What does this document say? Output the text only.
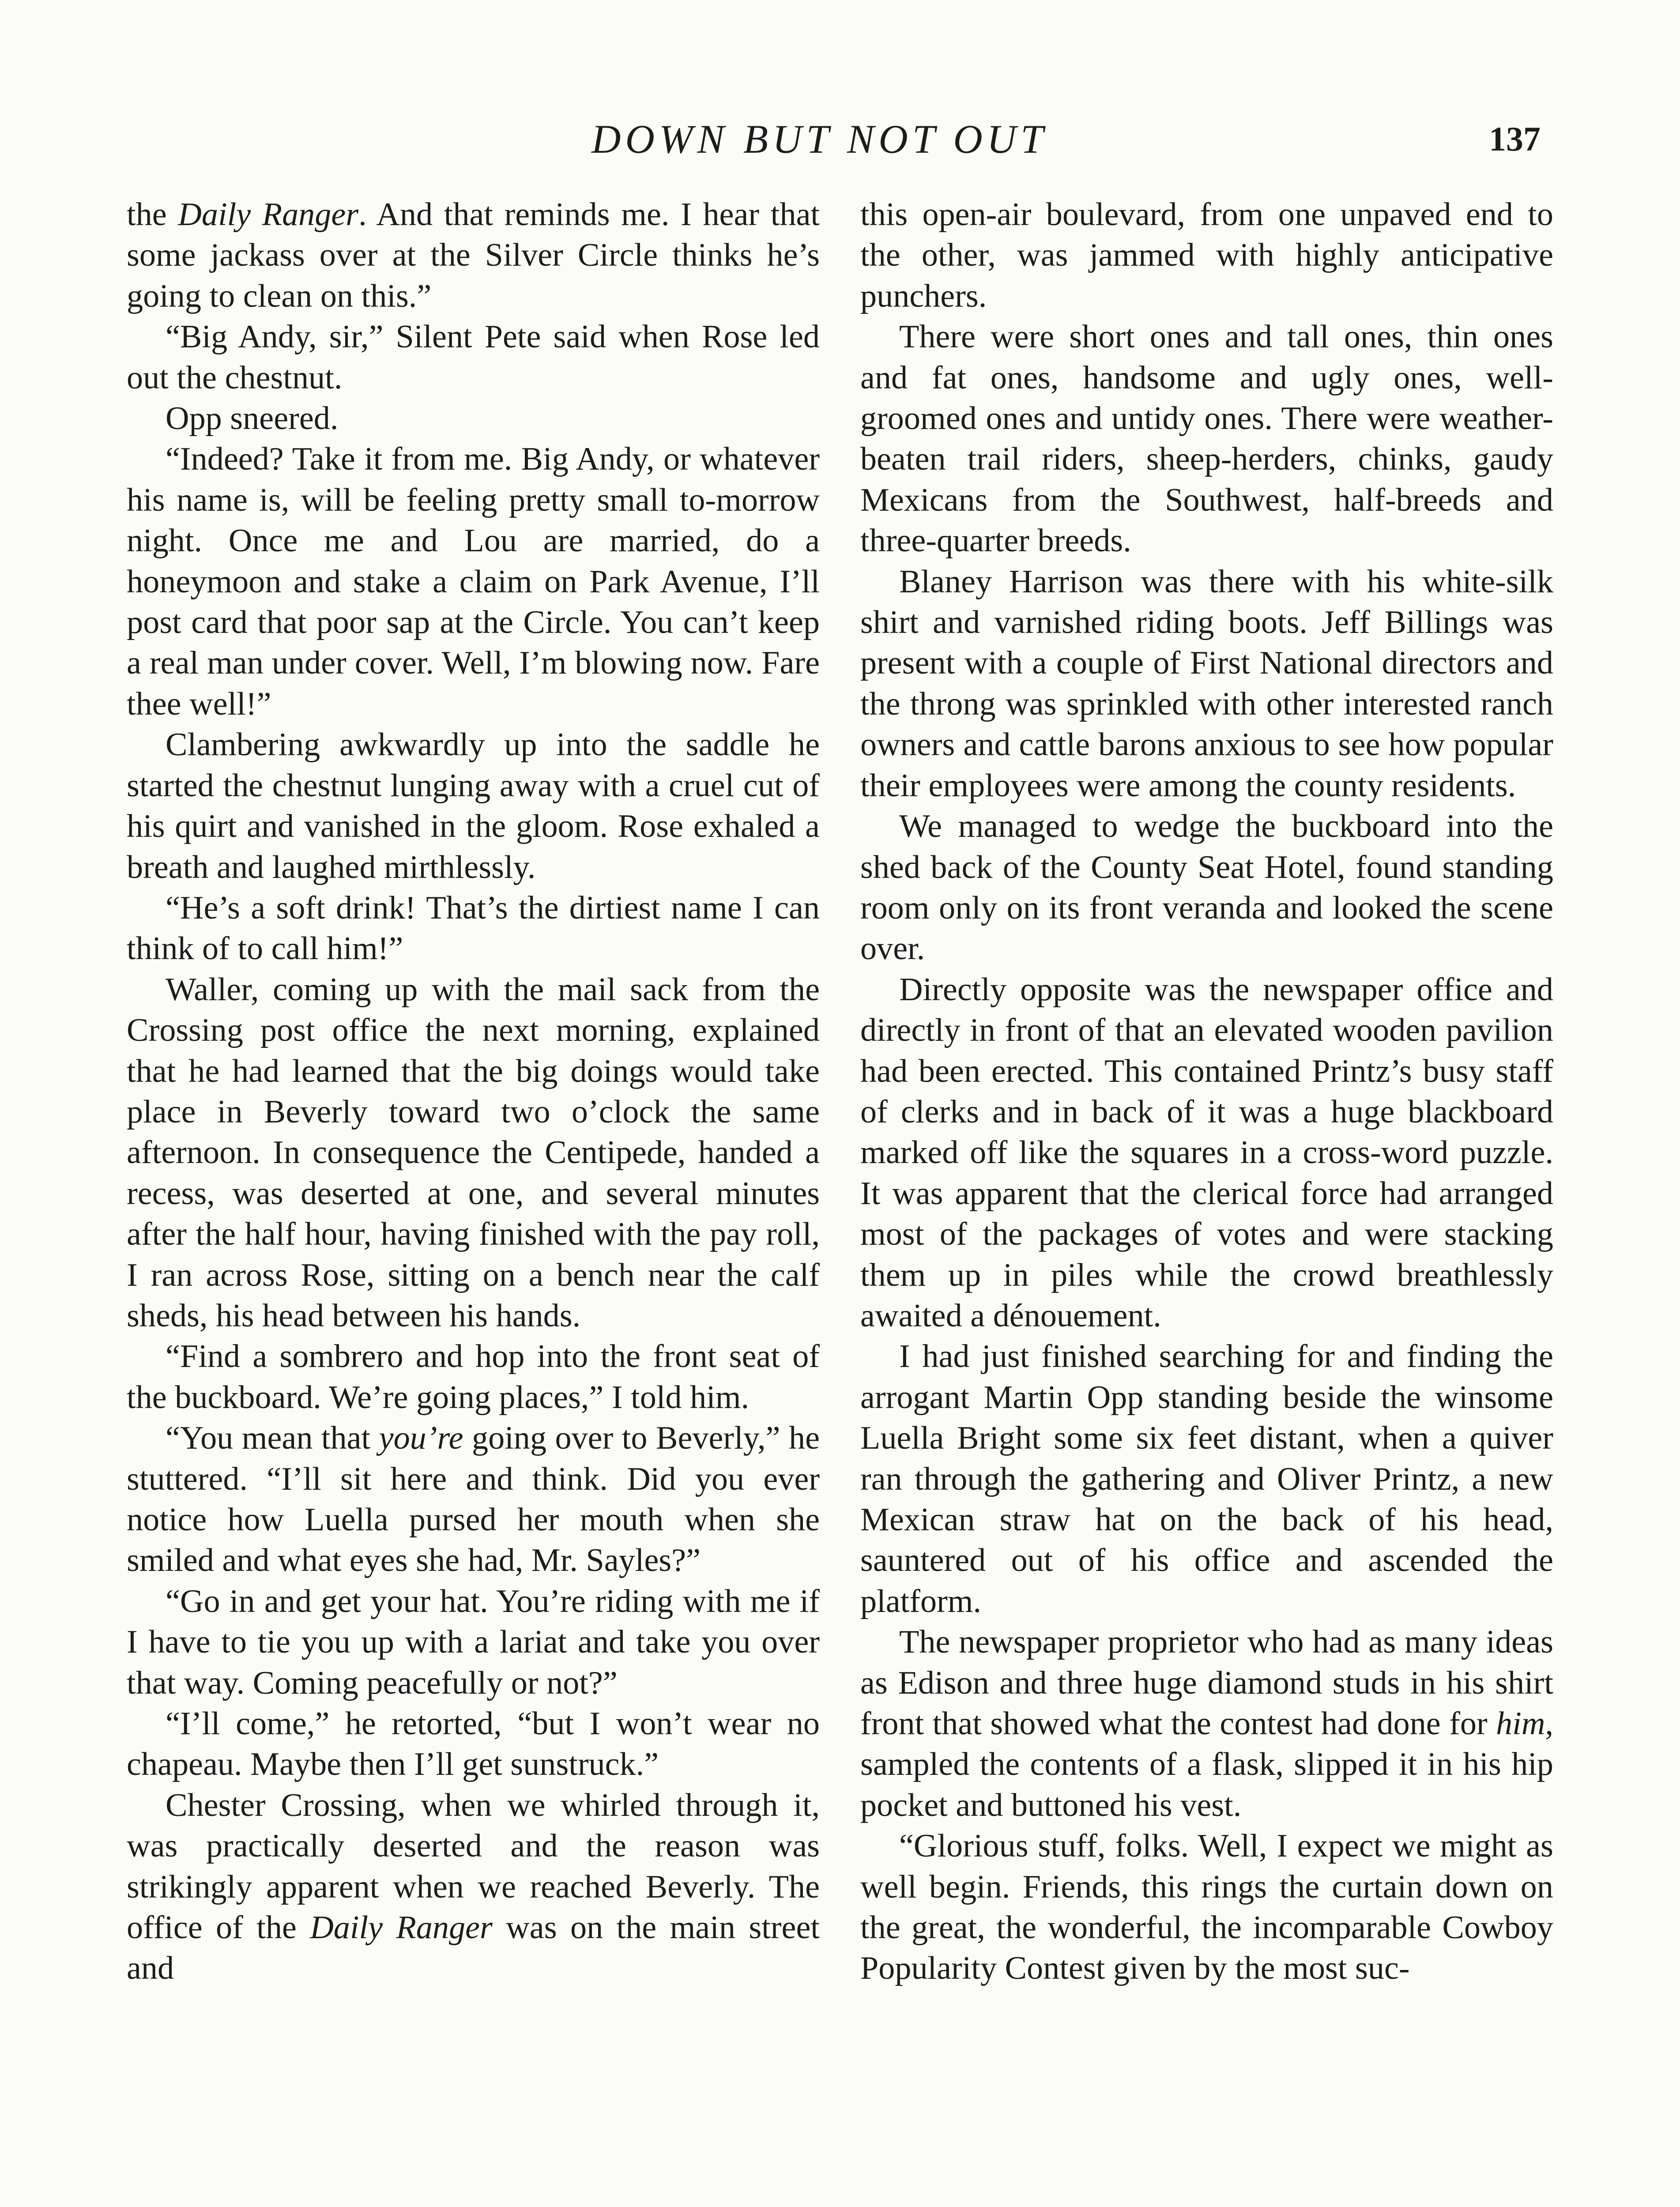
DOWN BUT NOT OUT	137

the Daily Ranger. And that reminds me. I hear that some jackass over at the Silver Circle thinks he’s going to clean on this.”

“Big Andy, sir,” Silent Pete said when Rose led out the chestnut.

Opp sneered.

“Indeed? Take it from me. Big Andy, or whatever his name is, will be feeling pretty small to-morrow night. Once me and Lou are married, do a honeymoon and stake a claim on Park Avenue, I’ll post card that poor sap at the Circle. You can’t keep a real man under cover. Well, I’m blowing now. Fare thee well!”

Clambering awkwardly up into the saddle he started the chestnut lunging away with a cruel cut of his quirt and vanished in the gloom. Rose exhaled a breath and laughed mirthlessly.

“He’s a soft drink! That’s the dirtiest name I can think of to call him!”

Waller, coming up with the mail sack from the Crossing post office the next morning, explained that he had learned that the big doings would take place in Beverly toward two o’clock the same afternoon. In consequence the Centipede, handed a recess, was deserted at one, and several minutes after the half hour, having finished with the pay roll, I ran across Rose, sitting on a bench near the calf sheds, his head between his hands.

“Find a sombrero and hop into the front seat of the buckboard. We’re going places,” I told him.

“You mean that you’re going over to Beverly,” he stuttered. “I’ll sit here and think. Did you ever notice how Luella pursed her mouth when she smiled and what eyes she had, Mr. Sayles?”

“Go in and get your hat. You’re riding with me if I have to tie you up with a lariat and take you over that way. Coming peacefully or not?”

“I’ll come,” he retorted, “but I won’t wear no chapeau. Maybe then I’ll get sunstruck.”

Chester Crossing, when we whirled through it, was practically deserted and the reason was strikingly apparent when we reached Beverly. The office of the Daily Ranger was on the main street and

this open-air boulevard, from one unpaved end to the other, was jammed with highly anticipative punchers.

There were short ones and tall ones, thin ones and fat ones, handsome and ugly ones, well-groomed ones and untidy ones. There were weather-beaten trail riders, sheep-herders, chinks, gaudy Mexicans from the Southwest, half-breeds and three-quarter breeds.

Blaney Harrison was there with his white-silk shirt and varnished riding boots. Jeff Billings was present with a couple of First National directors and the throng was sprinkled with other interested ranch owners and cattle barons anxious to see how popular their employees were among the county residents.

We managed to wedge the buckboard into the shed back of the County Seat Hotel, found standing room only on its front veranda and looked the scene over.

Directly opposite was the newspaper office and directly in front of that an elevated wooden pavilion had been erected. This contained Printz’s busy staff of clerks and in back of it was a huge blackboard marked off like the squares in a cross-word puzzle. It was apparent that the clerical force had arranged most of the packages of votes and were stacking them up in piles while the crowd breathlessly awaited a dénouement.

I had just finished searching for and finding the arrogant Martin Opp standing beside the winsome Luella Bright some six feet distant, when a quiver ran through the gathering and Oliver Printz, a new Mexican straw hat on the back of his head, sauntered out of his office and ascended the platform.

The newspaper proprietor who had as many ideas as Edison and three huge diamond studs in his shirt front that showed what the contest had done for him, sampled the contents of a flask, slipped it in his hip pocket and buttoned his vest.

“Glorious stuff, folks. Well, I expect we might as well begin. Friends, this rings the curtain down on the great, the wonderful, the incomparable Cowboy Popularity Contest given by the most suc-
